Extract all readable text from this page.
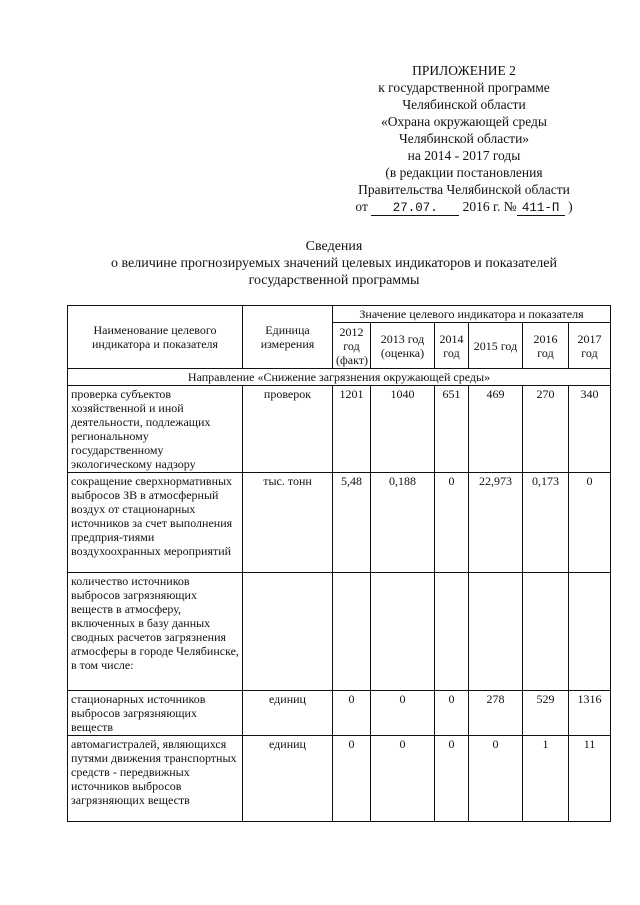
ПРИЛОЖЕНИЕ 2
к государственной программе
Челябинской области
«Охрана окружающей среды
Челябинской области»
на 2014 - 2017 годы
(в редакции постановления
Правительства Челябинской области
от 27.07. 2016 г. № 411-П )
Сведения
о величине прогнозируемых значений целевых индикаторов и показателей
государственной программы
Наименование целевого индикатора и показателя	Единица измерения	Значение целевого индикатора и показателя					
		2012 год (факт)	2013 год (оценка)	2014 год	2015 год	2016 год	2017 год
Направление «Снижение загрязнения окружающей среды»							
проверка субъектов хозяйственной и иной деятельности, подлежащих региональному государственному экологическому надзору	проверок	1201	1040	651	469	270	340
сокращение сверхнормативных выбросов ЗВ в атмосферный воздух от стационарных источников за счет выполнения предприя-тиями воздухоохранных мероприятий	тыс. тонн	5,48	0,188	0	22,973	0,173	0
количество источников выбросов загрязняющих веществ в атмосферу, включенных в базу данных сводных расчетов загрязнения атмосферы в городе Челябинске, в том числе:							
стационарных источников выбросов загрязняющих веществ	единиц	0	0	0	278	529	1316
автомагистралей, являющихся путями движения транспортных средств - передвижных источников выбросов загрязняющих веществ	единиц	0	0	0	0	1	11
